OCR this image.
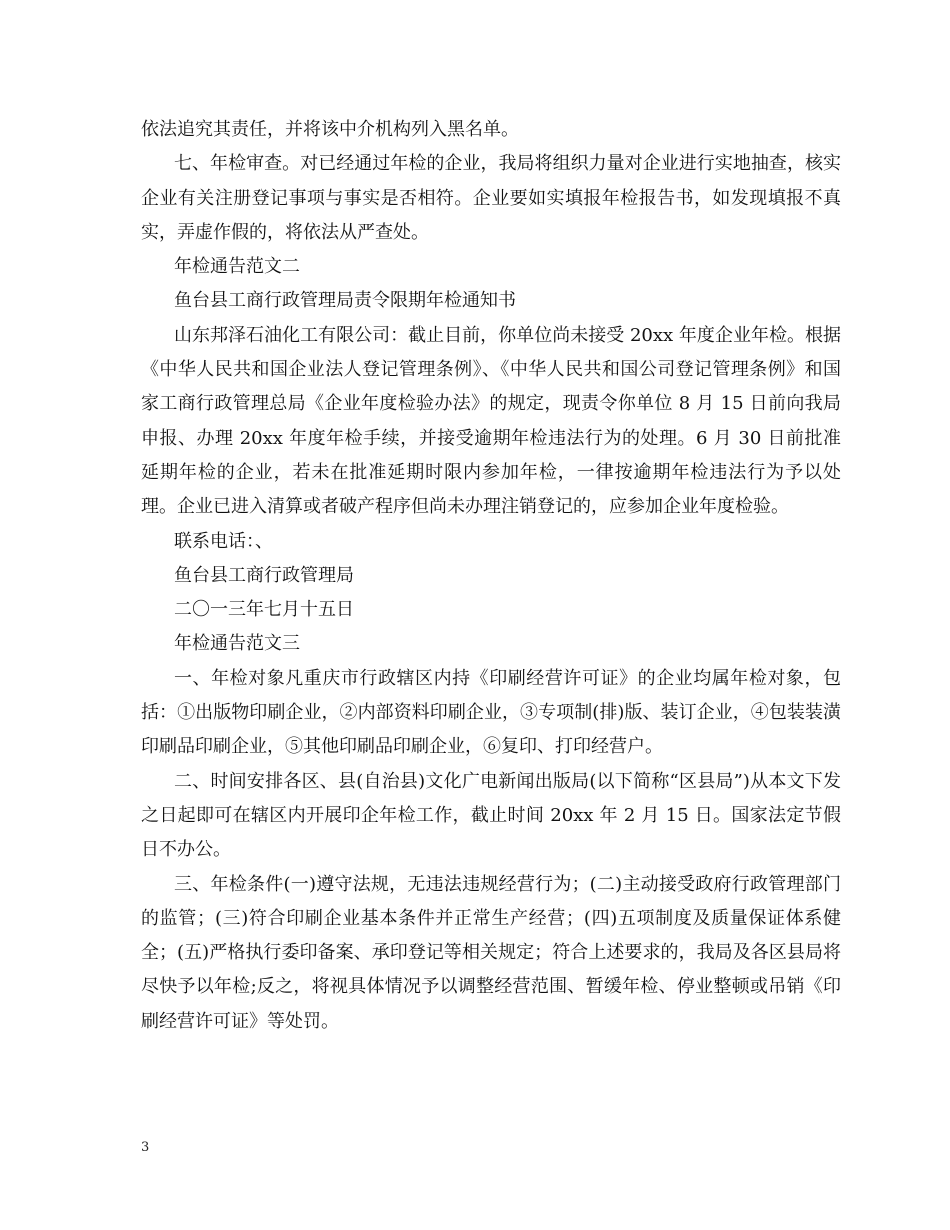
依法追究其责任，并将该中介机构列入黑名单。

七、年检审查。对已经通过年检的企业，我局将组织力量对企业进行实地抽查，核实企业有关注册登记事项与事实是否相符。企业要如实填报年检报告书，如发现填报不真实，弄虚作假的，将依法从严查处。

年检通告范文二

鱼台县工商行政管理局责令限期年检通知书

山东邦泽石油化工有限公司：截止目前，你单位尚未接受 20xx 年度企业年检。根据《中华人民共和国企业法人登记管理条例》、《中华人民共和国公司登记管理条例》和国家工商行政管理总局《企业年度检验办法》的规定，现责令你单位 8 月 15 日前向我局申报、办理 20xx 年度年检手续，并接受逾期年检违法行为的处理。6 月 30 日前批准延期年检的企业，若未在批准延期时限内参加年检，一律按逾期年检违法行为予以处理。企业已进入清算或者破产程序但尚未办理注销登记的，应参加企业年度检验。

联系电话：、

鱼台县工商行政管理局

二〇一三年七月十五日

年检通告范文三

一、年检对象凡重庆市行政辖区内持《印刷经营许可证》的企业均属年检对象，包括：①出版物印刷企业，②内部资料印刷企业，③专项制(排)版、装订企业，④包装装潢印刷品印刷企业，⑤其他印刷品印刷企业，⑥复印、打印经营户。

二、时间安排各区、县(自治县)文化广电新闻出版局(以下简称“区县局”)从本文下发之日起即可在辖区内开展印企年检工作，截止时间 20xx 年 2 月 15 日。国家法定节假日不办公。

三、年检条件(一)遵守法规，无违法违规经营行为；(二)主动接受政府行政管理部门的监管；(三)符合印刷企业基本条件并正常生产经营；(四)五项制度及质量保证体系健全；(五)严格执行委印备案、承印登记等相关规定；符合上述要求的，我局及各区县局将尽快予以年检;反之，将视具体情况予以调整经营范围、暂缓年检、停业整顿或吊销《印刷经营许可证》等处罚。

3
